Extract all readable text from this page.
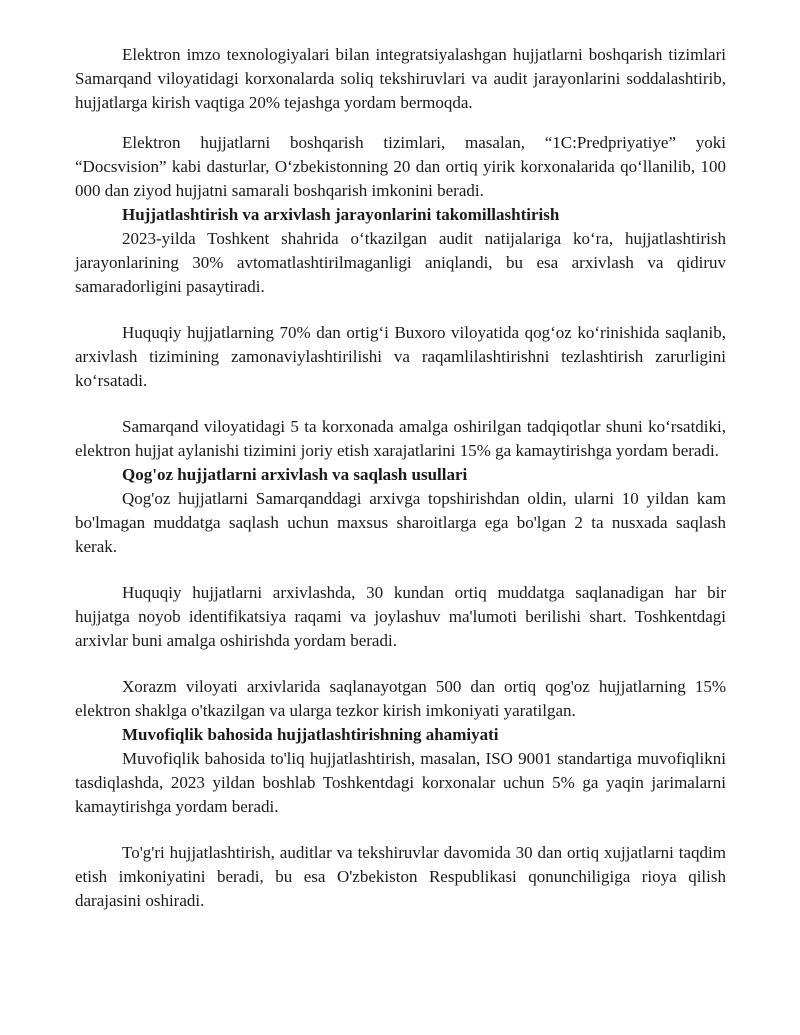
Elektron imzo texnologiyalari bilan integratsiyalashgan hujjatlarni boshqarish tizimlari Samarqand viloyatidagi korxonalarda soliq tekshiruvlari va audit jarayonlarini soddalashtirib, hujjatlarga kirish vaqtiga 20% tejashga yordam bermoqda.

Elektron hujjatlarni boshqarish tizimlari, masalan, “1C:Predpriyatiye” yoki “Docsvision” kabi dasturlar, O‘zbekistonning 20 dan ortiq yirik korxonalarida qo‘llanilib, 100 000 dan ziyod hujjatni samarali boshqarish imkonini beradi.

Hujjatlashtirish va arxivlash jarayonlarini takomillashtirish

2023-yilda Toshkent shahrida o‘tkazilgan audit natijalariga ko‘ra, hujjatlashtirish jarayonlarining 30% avtomatlashtirilmaganligi aniqlandi, bu esa arxivlash va qidiruv samaradorligini pasaytiradi.

Huquqiy hujjatlarning 70% dan ortig‘i Buxoro viloyatida qog‘oz ko‘rinishida saqlanib, arxivlash tizimining zamonaviylashtirilishi va raqamlilashtirishni tezlashtirish zarurligini ko‘rsatadi.

Samarqand viloyatidagi 5 ta korxonada amalga oshirilgan tadqiqotlar shuni ko‘rsatdiki, elektron hujjat aylanishi tizimini joriy etish xarajatlarini 15% ga kamaytirishga yordam beradi.

Qog'oz hujjatlarni arxivlash va saqlash usullari

Qog'oz hujjatlarni Samarqanddagi arxivga topshirishdan oldin, ularni 10 yildan kam bo'lmagan muddatga saqlash uchun maxsus sharoitlarga ega bo'lgan 2 ta nusxada saqlash kerak.

Huquqiy hujjatlarni arxivlashda, 30 kundan ortiq muddatga saqlanadigan har bir hujjatga noyob identifikatsiya raqami va joylashuv ma'lumoti berilishi shart. Toshkentdagi arxivlar buni amalga oshirishda yordam beradi.

Xorazm viloyati arxivlarida saqlanayotgan 500 dan ortiq qog'oz hujjatlarning 15% elektron shaklga o'tkazilgan va ularga tezkor kirish imkoniyati yaratilgan.

Muvofiqlik bahosida hujjatlashtirishning ahamiyati

Muvofiqlik bahosida to'liq hujjatlashtirish, masalan, ISO 9001 standartiga muvofiqlikni tasdiqlashda, 2023 yildan boshlab Toshkentdagi korxonalar uchun 5% ga yaqin jarimalarni kamaytirishga yordam beradi.

To'g'ri hujjatlashtirish, auditlar va tekshiruvlar davomida 30 dan ortiq xujjatlarni taqdim etish imkoniyatini beradi, bu esa O'zbekiston Respublikasi qonunchiligiga rioya qilish darajasini oshiradi.
